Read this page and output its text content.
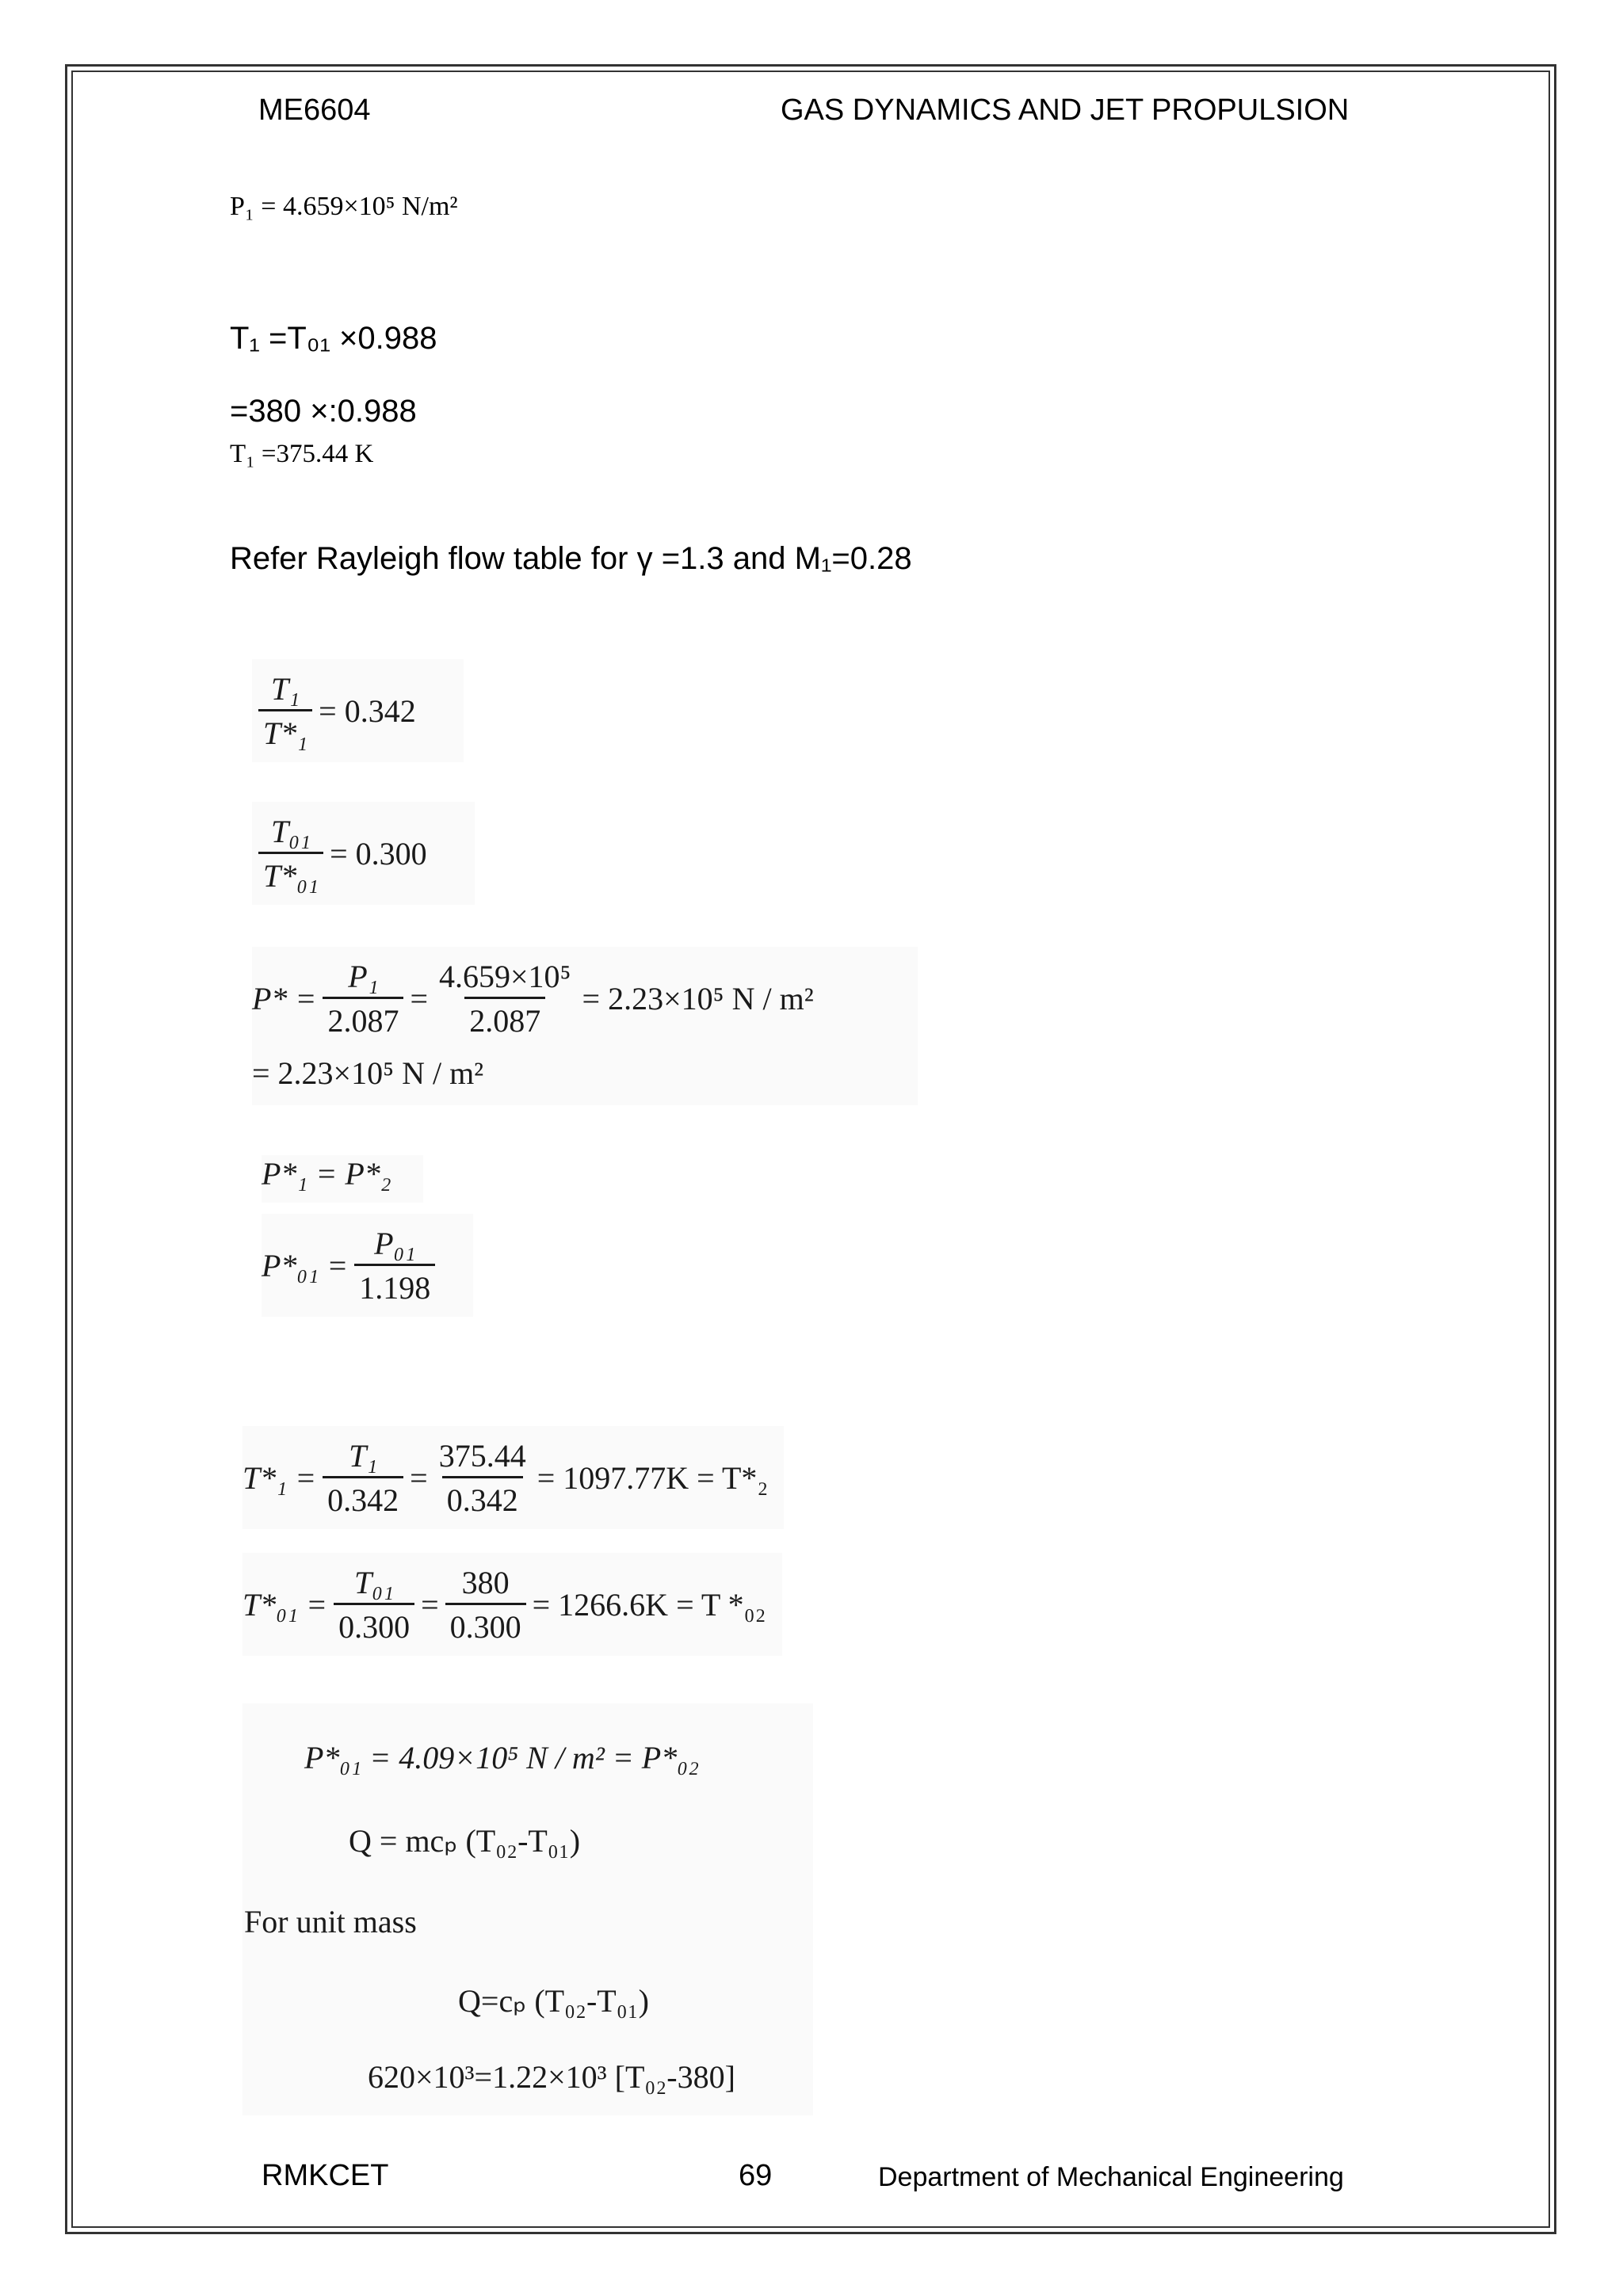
ME6604	GAS DYNAMICS AND JET PROPULSION
P₁ = 4.659×10⁵ N/m²
T₁ =T₀₁ ×0.988
=380 ×:0.988
T₁ =375.44 K
Refer Rayleigh flow table for γ =1.3 and M₁=0.28
$\frac{\text{T₁}}{\text{T*₁}} = 0.342$
$\frac{\text{T₀₁}}{\text{T*₀₁}} = 0.300$
$P* = \frac{\text{P₁}}{2.087} = \frac{\text{4.659×10⁵}}{2.087} = 2.23\times 10^5$ N / m²
= 2.23×10⁵ N / m²
P*₁ = P*₂
$P*_{01} = \frac{\text{P₀₁}}{1.198}$
$T*_1 = \frac{\text{T₁}}{0.342} = \frac{375.44}{0.342} = 1097.77K = T*_2$
$T*_{01} = \frac{\text{T₀₁}}{0.300} = \frac{380}{0.300} = 1266.6K = T$ *₀₂
P*₀₁ = 4.09×10⁵ N / m² = P*₀₂
Q = mcₚ (T₀₂-T₀₁)
For unit mass
Q=cₚ (T₀₂-T₀₁)
620×10³=1.22×10³ [T₀₂-380]
RMKCET	69	Department of Mechanical Engineering
